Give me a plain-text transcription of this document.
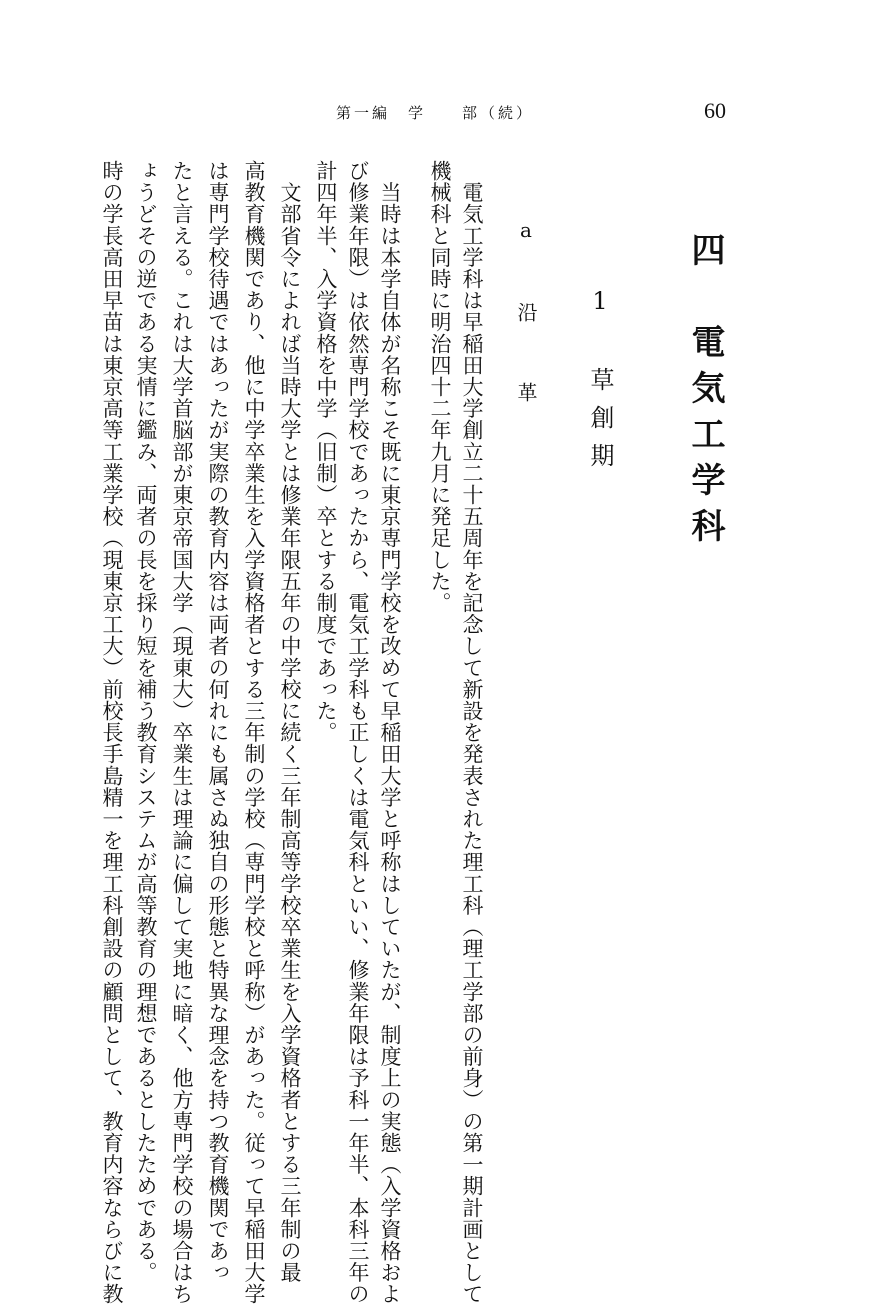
60
第一編　学　　部（続）
四　電気工学科
1　草創期
a　沿　革
　電気工学科は早稲田大学創立二十五周年を記念して新設を発表された理工科（理工学部の前身）の第一期計画として
機械科と同時に明治四十二年九月に発足した。
　当時は本学自体が名称こそ既に東京専門学校を改めて早稲田大学と呼称はしていたが、制度上の実態（入学資格およ
び修業年限）は依然専門学校であったから、電気工学科も正しくは電気科といい、修業年限は予科一年半、本科三年の
計四年半、入学資格を中学（旧制）卒とする制度であった。
　文部省令によれば当時大学とは修業年限五年の中学校に続く三年制高等学校卒業生を入学資格者とする三年制の最
高教育機関であり、他に中学卒業生を入学資格者とする三年制の学校（専門学校と呼称）があった。従って早稲田大学
は専門学校待遇ではあったが実際の教育内容は両者の何れにも属さぬ独自の形態と特異な理念を持つ教育機関であっ
たと言える。これは大学首脳部が東京帝国大学（現東大）卒業生は理論に偏して実地に暗く、他方専門学校の場合はち
ょうどその逆である実情に鑑み、両者の長を採り短を補う教育システムが高等教育の理想であるとしたためである。
時の学長高田早苗は東京高等工業学校（現東京工大）前校長手島精一を理工科創設の顧問として、教育内容ならびに教
